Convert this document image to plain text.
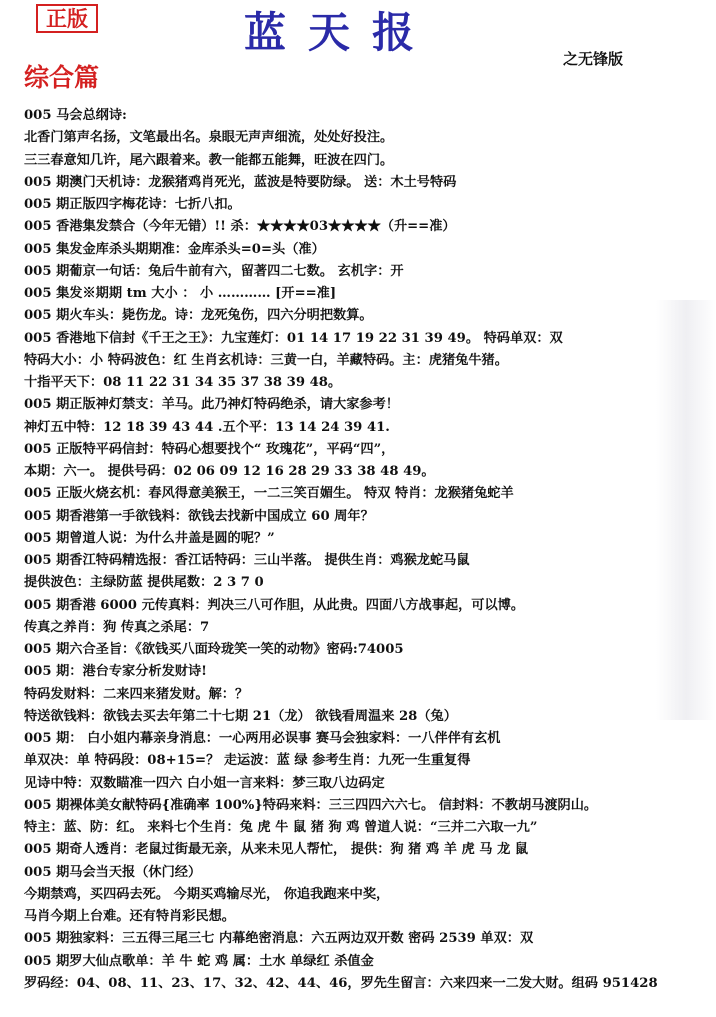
正版	蓝天报
之无锋版
综合篇
005 马会总纲诗:
北香门第声名扬，文笔最出名。泉眼无声声细流，处处好投注。
三三春意知几许，尾六跟着来。教一能都五能舞，旺波在四门。
005 期澳门天机诗：龙猴猪鸡肖死光，蓝波是特要防绿。 送：木土号特码
005 期正版四字梅花诗：七折八扣。
005 香港集发禁合（今年无错）!! 杀：★★★★03★★★★（升==准）
005 集发金库杀头期期准：金库杀头=0=头（准）
005 期葡京一句话：兔后牛前有六，留著四二七数。 玄机字：开
005 集发※期期 tm 大小 ： 小 ………… [开==准]
005 期火车头：毙伤龙。诗：龙死兔伤，四六分明把数算。
005 香港地下信封《千王之王》：九宝莲灯：01 14 17 19 22 31 39 49。 特码单双：双
特码大小：小 特码波色：红 生肖玄机诗：三黄一白，羊藏特码。主：虎猪兔牛猪。
十指平天下：08 11 22 31 34 35 37 38 39 48。
005 期正版神灯禁支：羊马。此乃神灯特码绝杀，请大家参考！
神灯五中特：12 18 39 43 44 .五个平：13 14 24 39 41.
005 正版特平码信封：特码心想要找个“ 玫瑰花”，平码“四”，
本期：六一。 提供号码：02 06 09 12 16 28 29 33 38 48 49。
005 正版火烧玄机：春风得意美猴王，一二三笑百媚生。 特双 特肖：龙猴猪兔蛇羊
005 期香港第一手欲钱料：欲钱去找新中国成立 60 周年？
005 期曾道人说：为什么井盖是圆的呢？”
005 期香江特码精选报：香江话特码：三山半落。 提供生肖：鸡猴龙蛇马鼠
提供波色：主绿防蓝 提供尾数：2 3 7 0
005 期香港 6000 元传真料：判决三八可作胆，从此贵。四面八方战事起，可以博。
传真之养肖：狗 传真之杀尾：7
005 期六合圣旨：《欲钱买八面玲珑笑一笑的动物》密码:74005
005 期：港台专家分析发财诗!
特码发财料：二来四来猪发财。解：？
特送欲钱料：欲钱去买去年第二十七期 21（龙） 欲钱看周温来 28（兔）
005 期： 白小姐内幕亲身消息：一心两用必误事 赛马会独家料：一八伴伴有玄机
单双决：单 特码段：08+15=？ 走运波：蓝 绿 参考生肖：九死一生重复得
见诗中特：双数瞄准一四六 白小姐一言来料：梦三取八边码定
005 期裸体美女献特码{准确率 100%}特码来料：三三四四六六七。 信封料：不教胡马渡阴山。
特主：蓝、防：红。 来料七个生肖：兔 虎 牛 鼠 猪 狗 鸡 曾道人说：“三并二六取一九”
005 期奇人透肖：老鼠过街最无亲，从来未见人帮忙， 提供：狗 猪 鸡 羊 虎 马 龙 鼠
005 期马会当天报（休门经）
今期禁鸡，买四码去死。 今期买鸡输尽光， 你追我跑来中奖，
马肖今期上台难。还有特肖彩民想。
005 期独家料：三五得三尾三七 内幕绝密消息：六五两边双开数 密码 2539 单双：双
005 期罗大仙点歌单：羊 牛 蛇 鸡 属：土水 单绿红 杀值金
罗码经：04、08、11、23、17、32、42、44、46，罗先生留言：六来四来一二发大财。组码 951428
